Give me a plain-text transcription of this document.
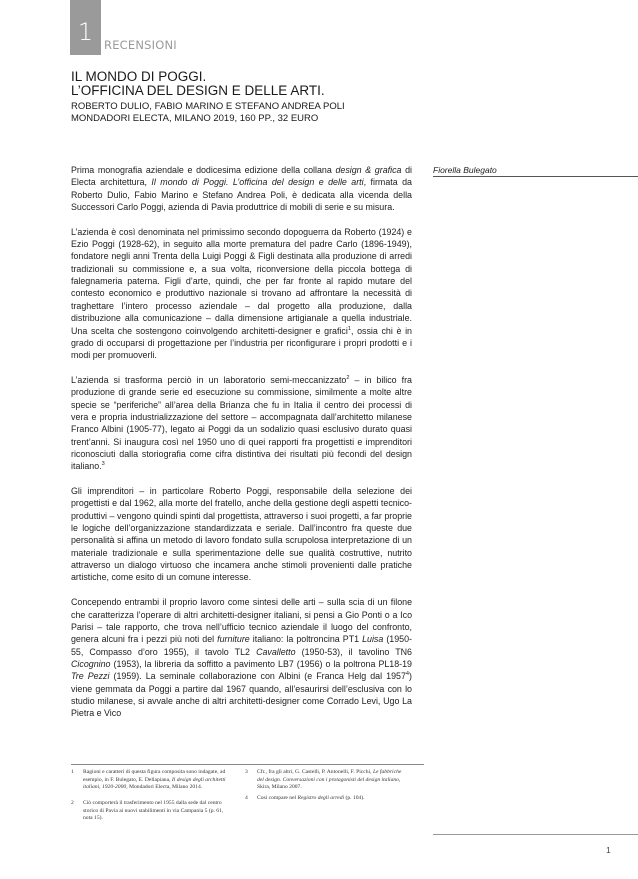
1 RECENSIONI
IL MONDO DI POGGI.
L’OFFICINA DEL DESIGN E DELLE ARTI.
ROBERTO DULIO, FABIO MARINO E STEFANO ANDREA POLI
MONDADORI ELECTA, MILANO 2019, 160 PP., 32 EURO
Fiorella Bulegato

Prima monografia aziendale e dodicesima edizione della collana design & grafica di Electa architettura, Il mondo di Poggi. L’officina del design e delle arti, firmata da Roberto Dulio, Fabio Marino e Stefano Andrea Poli, è dedicata alla vicenda della Successori Carlo Poggi, azienda di Pavia produttrice di mobili di serie e su misura.

L’azienda è così denominata nel primissimo secondo dopoguerra da Roberto (1924) e Ezio Poggi (1928-62), in seguito alla morte prematura del padre Carlo (1896-1949), fondatore negli anni Trenta della Luigi Poggi & Figli destinata alla produzione di arredi tradizionali su commissione e, a sua volta, riconversione della piccola bottega di falegnameria paterna. Figli d’arte, quindi, che per far fronte al rapido mutare del contesto economico e produttivo nazionale si trovano ad affrontare la necessità di traghettare l’intero processo aziendale – dal progetto alla produzione, dalla distribuzione alla comunicazione – dalla dimensione artigianale a quella industriale. Una scelta che sostengono coinvolgendo architetti-designer e grafici$^1$, ossia chi è in grado di occuparsi di progettazione per l’industria per riconfigurare i propri prodotti e i modi per promuoverli.

L’azienda si trasforma perciò in un laboratorio semi-meccanizzato$^2$ – in bilico fra produzione di grande serie ed esecuzione su commissione, similmente a molte altre specie se “periferiche” all’area della Brianza che fu in Italia il centro dei processi di vera e propria industrializzazione del settore – accompagnata dall’architetto milanese Franco Albini (1905-77), legato ai Poggi da un sodalizio quasi esclusivo durato quasi trent’anni. Si inaugura così nel 1950 uno di quei rapporti fra progettisti e imprenditori riconosciuti dalla storiografia come cifra distintiva dei risultati più fecondi del design italiano.$^3$

Gli imprenditori – in particolare Roberto Poggi, responsabile della selezione dei progettisti e dal 1962, alla morte del fratello, anche della gestione degli aspetti tecnico-produttivi – vengono quindi spinti dal progettista, attraverso i suoi progetti, a far proprie le logiche dell’organizzazione standardizzata e seriale. Dall’incontro fra queste due personalità si affina un metodo di lavoro fondato sulla scrupolosa interpretazione di un materiale tradizionale e sulla sperimentazione delle sue qualità costruttive, nutrito attraverso un dialogo virtuoso che incamera anche stimoli provenienti dalle pratiche artistiche, come esito di un comune interesse.

Concependo entrambi il proprio lavoro come sintesi delle arti – sulla scia di un filone che caratterizza l’operare di altri architetti-designer italiani, si pensi a Gio Ponti o a Ico Parisi – tale rapporto, che trova nell’ufficio tecnico aziendale il luogo del confronto, genera alcuni fra i pezzi più noti del furniture italiano: la poltroncina PT1 Luisa (1950-55, Compasso d’oro 1955), il tavolo TL2 Cavalletto (1950-53), il tavolino TN6 Cicognino (1953), la libreria da soffitto a pavimento LB7 (1956) o la poltrona PL18-19 Tre Pezzi (1959). La seminale collaborazione con Albini (e Franca Helg dal 1957$^4$) viene gemmata da Poggi a partire dal 1967 quando, all’esaurirsi dell’esclusiva con lo studio milanese, si avvale anche di altri architetti-designer come Corrado Levi, Ugo La Pietra e Vico

1	Ragioni e caratteri di questa figura composita sono indagate, ad esempio, in F. Bulegato, E. Dellapiana, Il design degli architetti italiani, 1920-2000, Mondadori Electa, Milano 2014.
2	Ciò comporterà il trasferimento nel 1955 dalla sede dal centro storico di Pavia ai nuovi stabilimenti in via Campania 5 (p. 61, nota 15).
3	Cfr., fra gli altri, G. Castelli, P. Antonelli, F. Picchi, Le fabbriche del design. Conversazioni con i protagonisti del design italiano, Skira, Milano 2007.
4	Così compare nel Registro degli arredi (p. 104).
1
